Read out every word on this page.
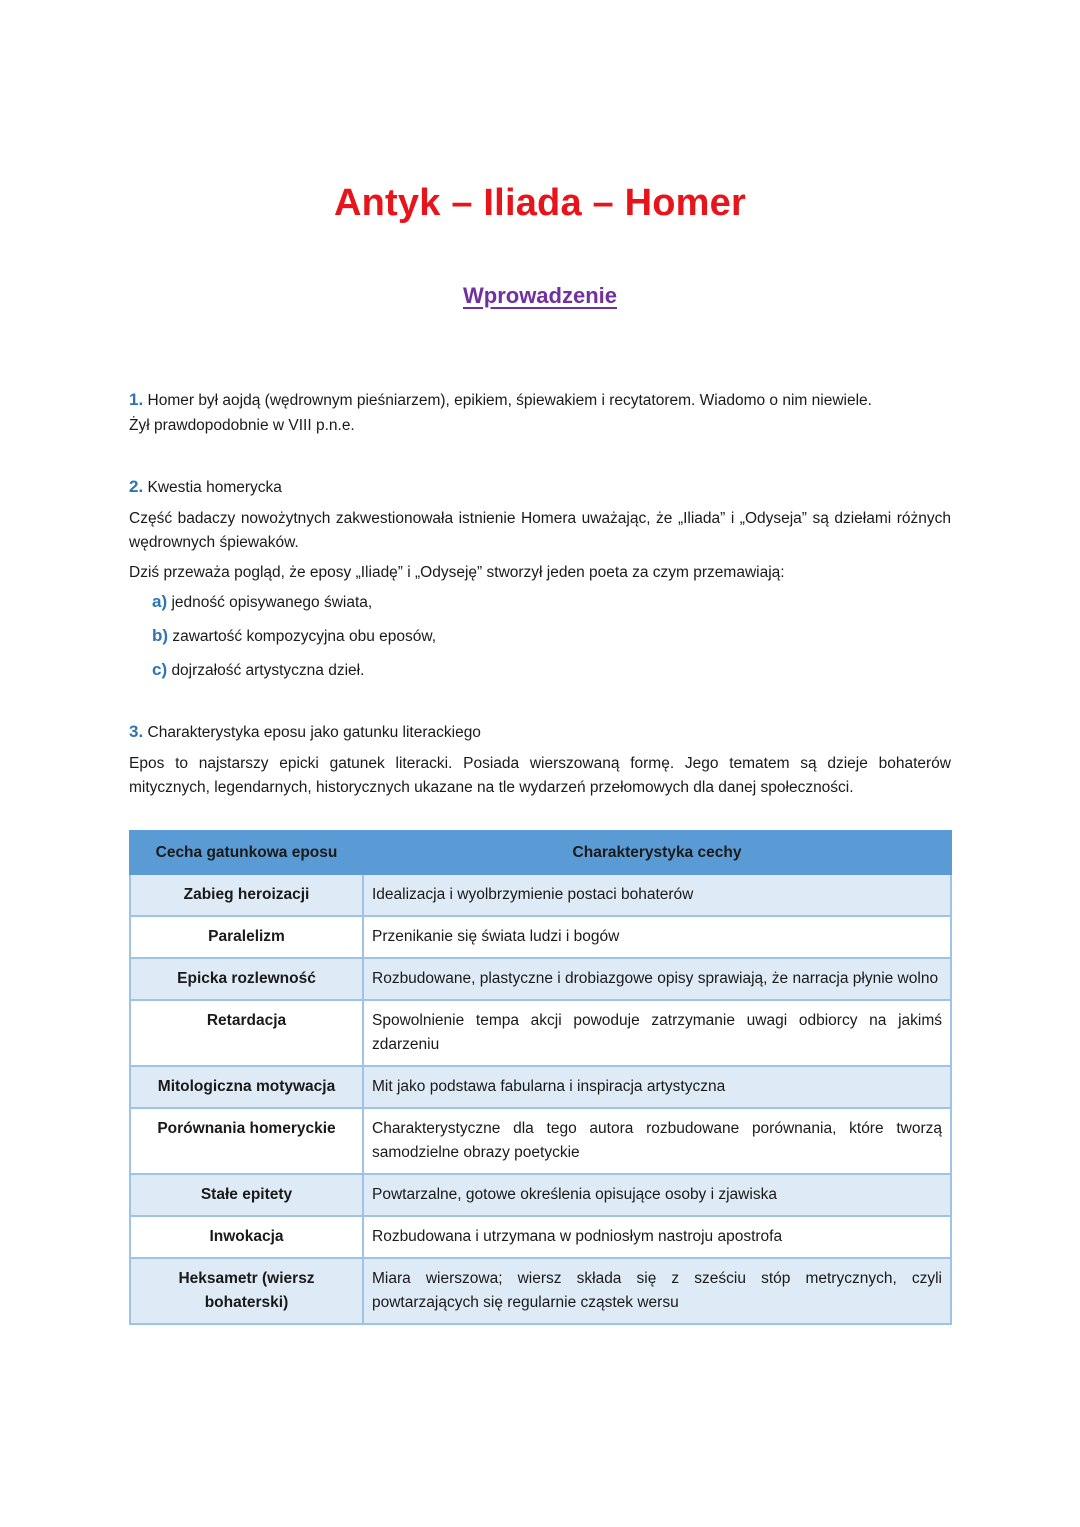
Antyk – Iliada – Homer
Wprowadzenie
1. Homer był aojdą (wędrownym pieśniarzem), epikiem, śpiewakiem i recytatorem. Wiadomo o nim niewiele.
Żył prawdopodobnie w VIII p.n.e.
2. Kwestia homerycka
Część badaczy nowożytnych zakwestionowała istnienie Homera uważając, że „Iliada” i „Odyseja” są dziełami różnych wędrownych śpiewaków.
Dziś przeważa pogląd, że eposy „Iliadę” i „Odyseję” stworzył jeden poeta za czym przemawiają:
a) jedność opisywanego świata,
b) zawartość kompozycyjna obu eposów,
c) dojrzałość artystyczna dzieł.
3. Charakterystyka eposu jako gatunku literackiego
Epos to najstarszy epicki gatunek literacki. Posiada wierszowaną formę. Jego tematem są dzieje bohaterów mitycznych, legendarnych, historycznych ukazane na tle wydarzeń przełomowych dla danej społeczności.
Cecha gatunkowa eposu	Charakterystyka cechy
Zabieg heroizacji	Idealizacja i wyolbrzymienie postaci bohaterów
Paralelizm	Przenikanie się świata ludzi i bogów
Epicka rozlewność	Rozbudowane, plastyczne i drobiazgowe opisy sprawiają, że narracja płynie wolno
Retardacja	Spowolnienie tempa akcji powoduje zatrzymanie uwagi odbiorcy na jakimś zdarzeniu
Mitologiczna motywacja	Mit jako podstawa fabularna i inspiracja artystyczna
Porównania homeryckie	Charakterystyczne dla tego autora rozbudowane porównania, które tworzą samodzielne obrazy poetyckie
Stałe epitety	Powtarzalne, gotowe określenia opisujące osoby i zjawiska
Inwokacja	Rozbudowana i utrzymana w podniosłym nastroju apostrofa
Heksametr (wiersz bohaterski)	Miara wierszowa; wiersz składa się z sześciu stóp metrycznych, czyli powtarzających się regularnie cząstek wersu
